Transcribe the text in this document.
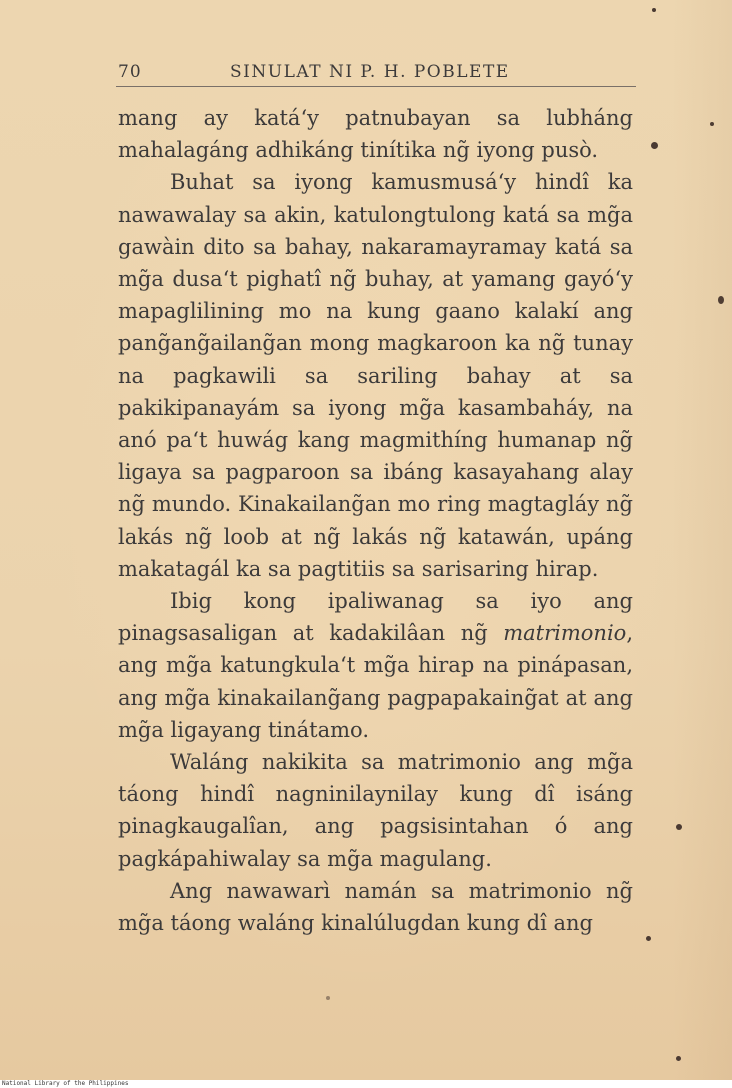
70	SINULAT NI P. H. POBLETE

mang ay katá‘y patnubayan sa lubháng mahalagáng adhikáng tinítika ng̃ iyong pusò.

Buhat sa iyong kamusmusá‘y hindî ka nawawalay sa akin, katulongtulong katá sa mg̃a gawàin dito sa bahay, nakaramayramay katá sa mg̃a dusa‘t pighatî ng̃ buhay, at yamang gayó‘y mapaglilining mo na kung gaano kalakí ang pang̃ang̃ailang̃an mong magkaroon ka ng̃ tunay na pagkawili sa sariling bahay at sa pakikipanayám sa iyong mg̃a kasambaháy, na anó pa‘t huwág kang magmithíng humanap ng̃ ligaya sa pagparoon sa ibáng kasayahang alay ng̃ mundo. Kinakailang̃an mo ring magtagláy ng̃ lakás ng̃ loob at ng̃ lakás ng̃ katawán, upáng makatagál ka sa pagtitiis sa sarisaring hirap.

Ibig kong ipaliwanag sa iyo ang pinagsasaligan at kadakilâan ng̃ matrimonio, ang mg̃a katungkula‘t mg̃a hirap na pinápasan, ang mg̃a kinakailang̃ang pagpapakaing̃at at ang mg̃a ligayang tinátamo.

Waláng nakikita sa matrimonio ang mg̃a táong hindî nagninilaynilay kung dî isáng pinagkaugalîan, ang pagsisintahan ó ang pagkápahiwalay sa mg̃a magulang.

Ang nawawarì namán sa matrimonio ng̃ mg̃a táong waláng kinalúlugdan kung dî ang

National Library of the Philippines
